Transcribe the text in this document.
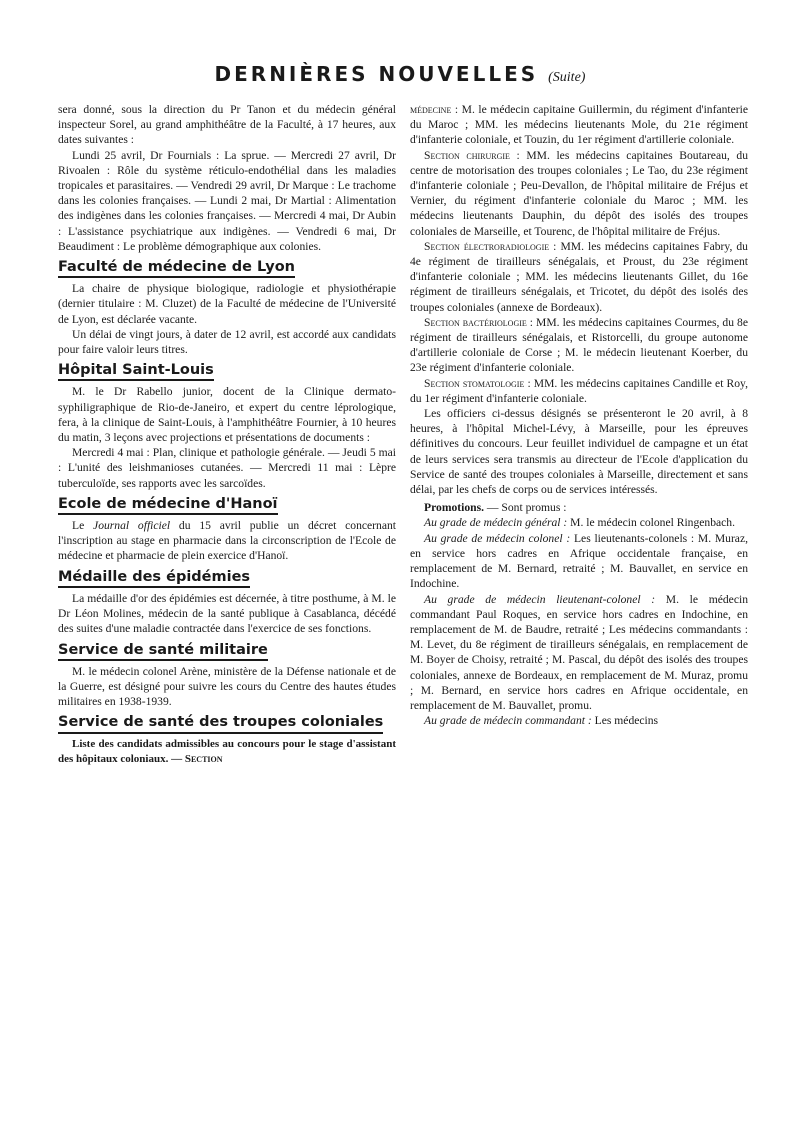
DERNIÈRES NOUVELLES (Suite)

sera donné, sous la direction du Pr Tanon et du médecin général inspecteur Sorel, au grand amphithéâtre de la Faculté, à 17 heures, aux dates suivantes :

Lundi 25 avril, Dr Fournials : La sprue. — Mercredi 27 avril, Dr Rivoalen : Rôle du système réticulo-endothélial dans les maladies tropicales et parasitaires. — Vendredi 29 avril, Dr Marque : Le trachome dans les colonies françaises. — Lundi 2 mai, Dr Martial : Alimentation des indigènes dans les colonies françaises. — Mercredi 4 mai, Dr Aubin : L'assistance psychiatrique aux indigènes. — Vendredi 6 mai, Dr Beaudiment : Le problème démographique aux colonies.

Faculté de médecine de Lyon

La chaire de physique biologique, radiologie et physiothérapie (dernier titulaire : M. Cluzet) de la Faculté de médecine de l'Université de Lyon, est déclarée vacante.

Un délai de vingt jours, à dater de 12 avril, est accordé aux candidats pour faire valoir leurs titres.

Hôpital Saint-Louis

M. le Dr Rabello junior, docent de la Clinique dermato-syphiligraphique de Rio-de-Janeiro, et expert du centre léprologique, fera, à la clinique de Saint-Louis, à l'amphithéâtre Fournier, à 10 heures du matin, 3 leçons avec projections et présentations de documents :

Mercredi 4 mai : Plan, clinique et pathologie générale. — Jeudi 5 mai : L'unité des leishmanioses cutanées. — Mercredi 11 mai : Lèpre tuberculoïde, ses rapports avec les sarcoïdes.

Ecole de médecine d'Hanoï

Le Journal officiel du 15 avril publie un décret concernant l'inscription au stage en pharmacie dans la circonscription de l'Ecole de médecine et pharmacie de plein exercice d'Hanoï.

Médaille des épidémies

La médaille d'or des épidémies est décernée, à titre posthume, à M. le Dr Léon Molines, médecin de la santé publique à Casablanca, décédé des suites d'une maladie contractée dans l'exercice de ses fonctions.

Service de santé militaire

M. le médecin colonel Arène, ministère de la Défense nationale et de la Guerre, est désigné pour suivre les cours du Centre des hautes études militaires en 1938-1939.

Service de santé des troupes coloniales

Liste des candidats admissibles au concours pour le stage d'assistant des hôpitaux coloniaux. — Section

médecine : M. le médecin capitaine Guillermin, du régiment d'infanterie du Maroc ; MM. les médecins lieutenants Mole, du 21e régiment d'infanterie coloniale, et Touzin, du 1er régiment d'artillerie coloniale.

Section chirurgie : MM. les médecins capitaines Boutareau, du centre de motorisation des troupes coloniales ; Le Tao, du 23e régiment d'infanterie coloniale ; Peu-Devallon, de l'hôpital militaire de Fréjus et Vernier, du régiment d'infanterie coloniale du Maroc ; MM. les médecins lieutenants Dauphin, du dépôt des isolés des troupes coloniales de Marseille, et Tourenc, de l'hôpital militaire de Fréjus.

Section électroradiologie : MM. les médecins capitaines Fabry, du 4e régiment de tirailleurs sénégalais, et Proust, du 23e régiment d'infanterie coloniale ; MM. les médecins lieutenants Gillet, du 16e régiment de tirailleurs sénégalais, et Tricotet, du dépôt des isolés des troupes coloniales (annexe de Bordeaux).

Section bactériologie : MM. les médecins capitaines Courmes, du 8e régiment de tirailleurs sénégalais, et Ristorcelli, du groupe autonome d'artillerie coloniale de Corse ; M. le médecin lieutenant Koerber, du 23e régiment d'infanterie coloniale.

Section stomatologie : MM. les médecins capitaines Candille et Roy, du 1er régiment d'infanterie coloniale.

Les officiers ci-dessus désignés se présenteront le 20 avril, à 8 heures, à l'hôpital Michel-Lévy, à Marseille, pour les épreuves définitives du concours. Leur feuillet individuel de campagne et un état de leurs services sera transmis au directeur de l'Ecole d'application du Service de santé des troupes coloniales à Marseille, directement et sans délai, par les chefs de corps ou de services intéressés.

Promotions. — Sont promus :

Au grade de médecin général : M. le médecin colonel Ringenbach.

Au grade de médecin colonel : Les lieutenants-colonels : M. Muraz, en service hors cadres en Afrique occidentale française, en remplacement de M. Bernard, retraité ; M. Bauvallet, en service en Indochine.

Au grade de médecin lieutenant-colonel : M. le médecin commandant Paul Roques, en service hors cadres en Indochine, en remplacement de M. de Baudre, retraité ; Les médecins commandants : M. Levet, du 8e régiment de tirailleurs sénégalais, en remplacement de M. Boyer de Choisy, retraité ; M. Pascal, du dépôt des isolés des troupes coloniales, annexe de Bordeaux, en remplacement de M. Muraz, promu ; M. Bernard, en service hors cadres en Afrique occidentale, en remplacement de M. Bauvallet, promu.

Au grade de médecin commandant : Les médecins
